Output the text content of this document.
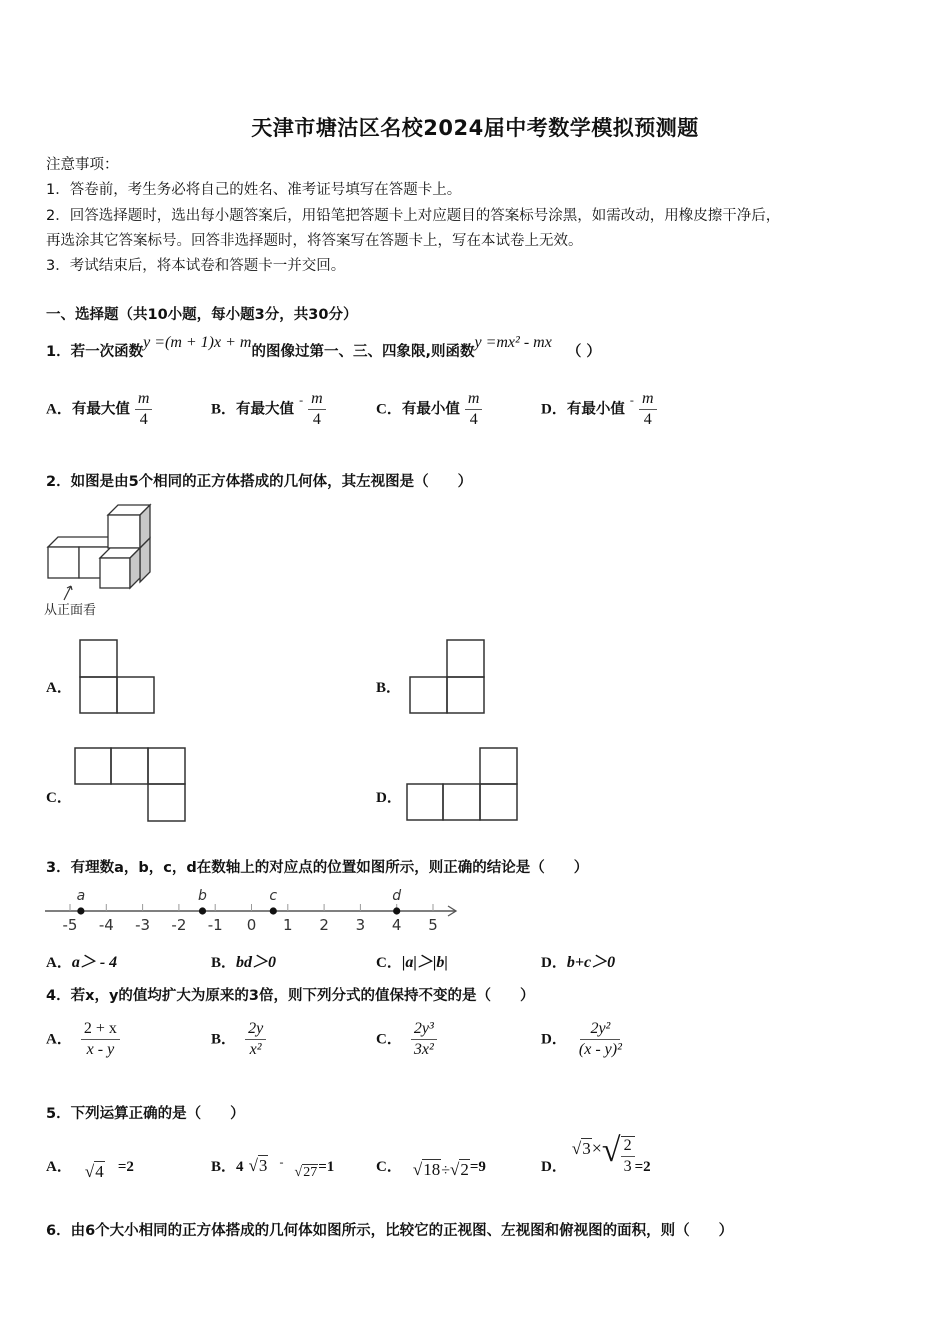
天津市塘沽区名校2024届中考数学模拟预测题
注意事项：
1．答卷前，考生务必将自己的姓名、准考证号填写在答题卡上。
2．回答选择题时，选出每小题答案后，用铅笔把答题卡上对应题目的答案标号涂黑，如需改动，用橡皮擦干净后，
再选涂其它答案标号。回答非选择题时，将答案写在答题卡上，写在本试卷上无效。
3．考试结束后，将本试卷和答题卡一并交回。
一、选择题（共10小题，每小题3分，共30分）
1．若一次函数y =(m + 1)x + m的图像过第一、三、四象限,则函数y =mx² - mx （ ）
A．有最大值 $\frac{m}{4}$	B．有最大值 $^- \frac{m}{4}$	C．有最小值 $\frac{m}{4}$	D．有最小值 $^- \frac{m}{4}$
2．如图是由5个相同的正方体搭成的几何体，其左视图是（　　）
从正面看
A．	B．
C．	D．
3．有理数a，b，c，d在数轴上的对应点的位置如图所示，则正确的结论是（　　）
-5 -4 -3 -2 -1 0 1 2 3 4 5
a	b	c	d
A．a＞ - 4	B．bd＞0	C．|a|＞|b|	D．b+c＞0
4．若x，y的值均扩大为原来的3倍，则下列分式的值保持不变的是（　　）
A． $\frac{2 + x}{x - y}$	B． $\frac{2y}{\text{x²}}$	C． $\frac{\text{2y³}}{\text{3x²}}$	D． $\frac{\text{2y²}}{\text{(x - y)²}}$
5．下列运算正确的是（　　）
A． √4 =2	B．4 √3 - √27=1	C． √18÷√2=9	D． $√3\times√ \frac{2}{3} =2$
6．由6个大小相同的正方体搭成的几何体如图所示，比较它的正视图、左视图和俯视图的面积，则（　　）
